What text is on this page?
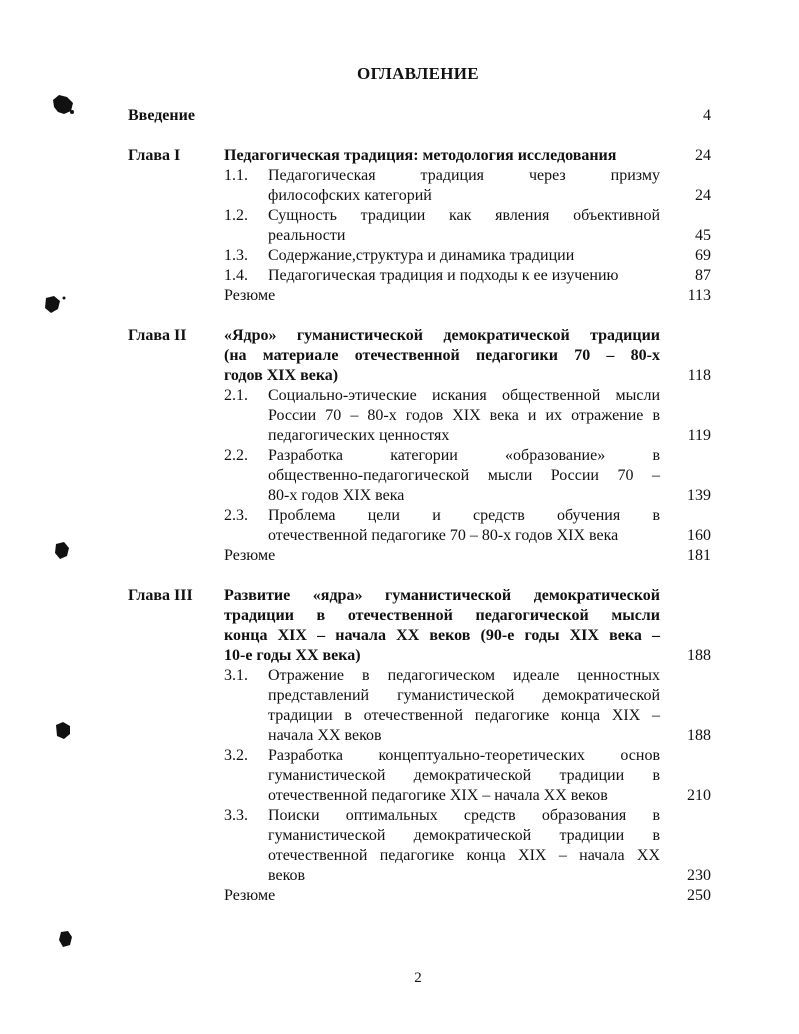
ОГЛАВЛЕНИЕ
Введение	4
Глава I	Педагогическая традиция: методология исследования	24
1.1. Педагогическая традиция через призму
философских категорий	24
1.2. Сущность традиции как явления объективной
реальности	45
1.3. Содержание,структура и динамика традиции	69
1.4. Педагогическая традиция и подходы к ее изучению	87
Резюме	113
Глава II «Ядро» гуманистической демократической традиции
(на материале отечественной педагогики 70 – 80-х
годов XIX века)	118
2.1. Социально-этические искания общественной мысли
России 70 – 80-х годов XIX века и их отражение в
педагогических ценностях	119
2.2. Разработка категории «образование» в
общественно-педагогической мысли России 70 –
80-х годов XIX века	139
2.3. Проблема цели и средств обучения в
отечественной педагогике 70 – 80-х годов XIX века	160
Резюме	181
Глава III Развитие «ядра» гуманистической демократической
традиции в отечественной педагогической мысли
конца XIX – начала XX веков (90-е годы XIX века –
10-е годы XX века)	188
3.1. Отражение в педагогическом идеале ценностных
представлений гуманистической демократической
традиции в отечественной педагогике конца XIX –
начала XX веков	188
3.2. Разработка концептуально-теоретических основ
гуманистической демократической традиции в
отечественной педагогике XIX – начала XX веков	210
3.3. Поиски оптимальных средств образования в
гуманистической демократической традиции в
отечественной педагогике конца XIX – начала XX
веков	230
Резюме	250
2
